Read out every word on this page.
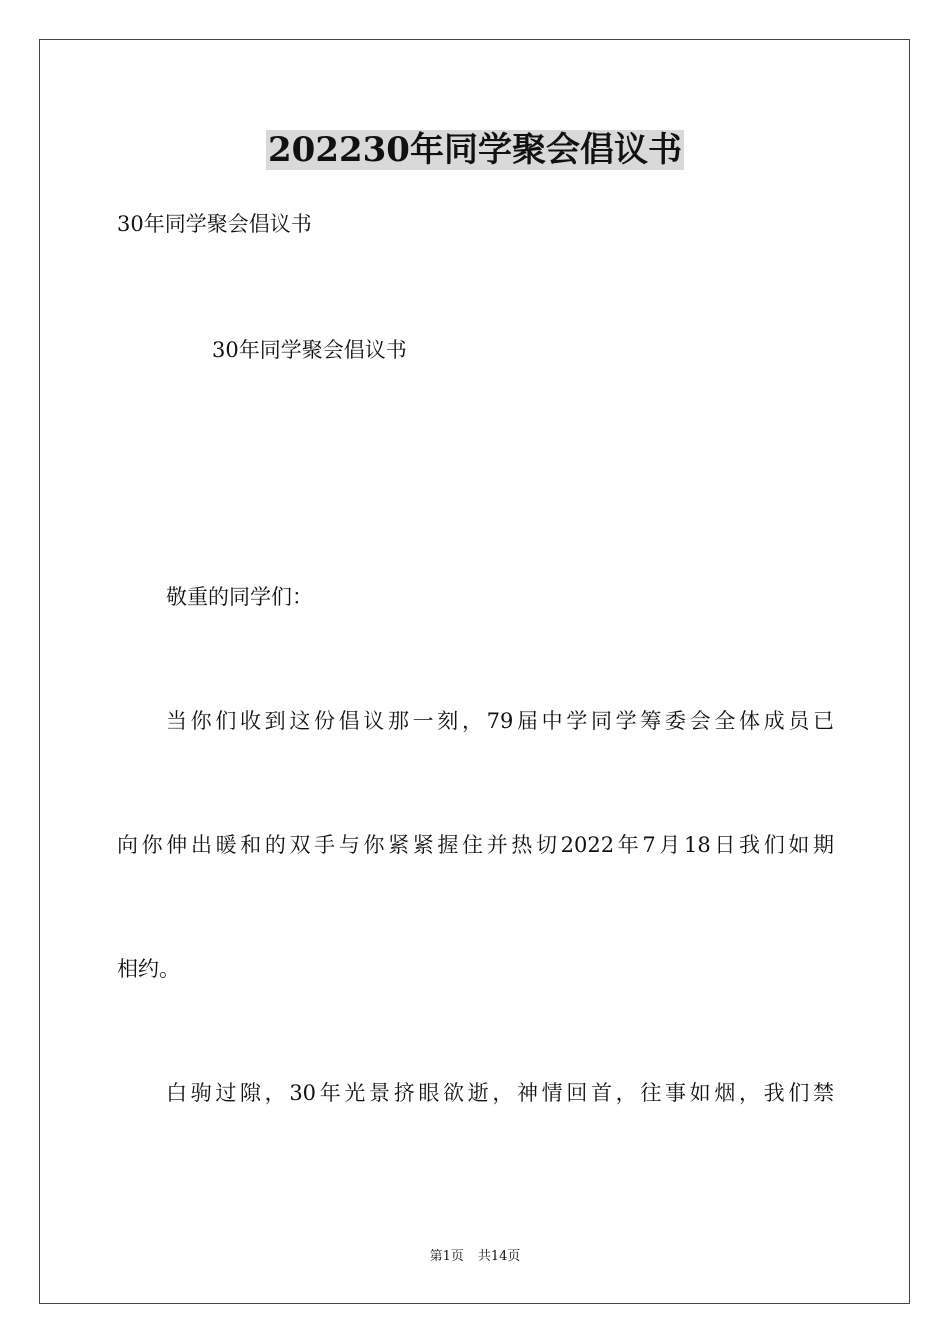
202230年同学聚会倡议书
30年同学聚会倡议书
30年同学聚会倡议书
敬重的同学们：
当你们收到这份倡议那一刻，79届中学同学筹委会全体成员已
向你伸出暖和的双手与你紧紧握住并热切2022年7月18日我们如期
相约。
白驹过隙，30年光景挤眼欲逝，神情回首，往事如烟，我们禁
第1页 共14页
